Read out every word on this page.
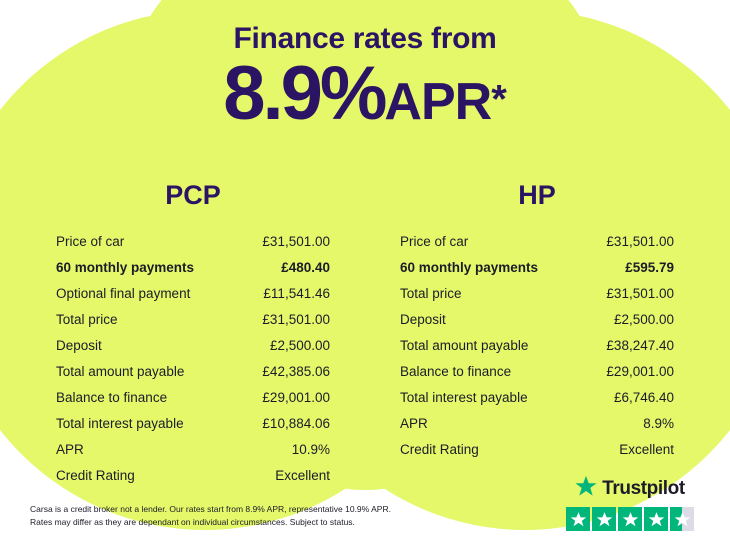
Finance rates from
8.9%APR*
PCP
Price of car	£31,501.00
60 monthly payments	£480.40
Optional final payment	£11,541.46
Total price	£31,501.00
Deposit	£2,500.00
Total amount payable	£42,385.06
Balance to finance	£29,001.00
Total interest payable	£10,884.06
APR	10.9%
Credit Rating	Excellent
HP
Price of car	£31,501.00
60 monthly payments	£595.79
Total price	£31,501.00
Deposit	£2,500.00
Total amount payable	£38,247.40
Balance to finance	£29,001.00
Total interest payable	£6,746.40
APR	8.9%
Credit Rating	Excellent
Carsa is a credit broker not a lender. Our rates start from 8.9% APR, representative 10.9% APR.
Rates may differ as they are dependant on individual circumstances. Subject to status.
Trustpilot
